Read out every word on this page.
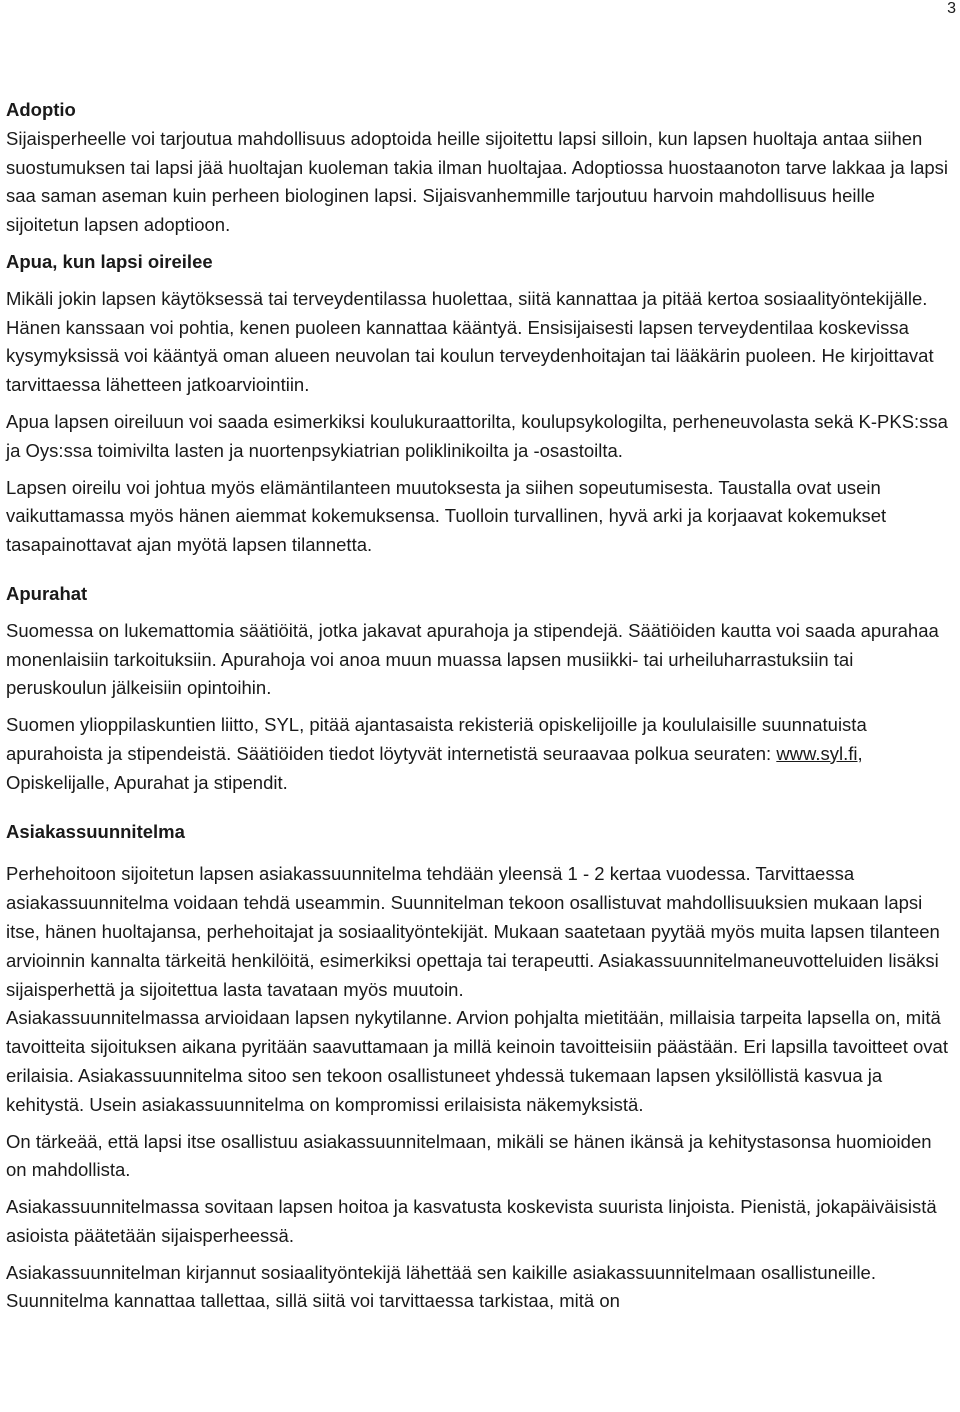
3
Adoptio

Sijaisperheelle voi tarjoutua mahdollisuus adoptoida heille sijoitettu lapsi silloin, kun lapsen huoltaja antaa siihen suostumuksen tai lapsi jää huoltajan kuoleman takia ilman huoltajaa. Adoptiossa huostaanoton tarve lakkaa ja lapsi saa saman aseman kuin perheen biologinen lapsi. Sijaisvanhemmille tarjoutuu harvoin mahdollisuus heille sijoitetun lapsen adoptioon.

Apua, kun lapsi oireilee

Mikäli jokin lapsen käytöksessä tai terveydentilassa huolettaa, siitä kannattaa ja pitää kertoa sosiaalityöntekijälle. Hänen kanssaan voi pohtia, kenen puoleen kannattaa kääntyä. Ensisijaisesti lapsen terveydentilaa koskevissa kysymyksissä voi kääntyä oman alueen neuvolan tai koulun terveydenhoitajan tai lääkärin puoleen. He kirjoittavat tarvittaessa lähetteen jatkoarviointiin.

Apua lapsen oireiluun voi saada esimerkiksi koulukuraattorilta, koulupsykologilta, perheneuvolasta sekä K-PKS:ssa ja Oys:ssa toimivilta lasten ja nuortenpsykiatrian poliklinikoilta ja -osastoilta.

Lapsen oireilu voi johtua myös elämäntilanteen muutoksesta ja siihen sopeutumisesta. Taustalla ovat usein vaikuttamassa myös hänen aiemmat kokemuksensa. Tuolloin turvallinen, hyvä arki ja korjaavat kokemukset tasapainottavat ajan myötä lapsen tilannetta.

Apurahat

Suomessa on lukemattomia säätiöitä, jotka jakavat apurahoja ja stipendejä. Säätiöiden kautta voi saada apurahaa monenlaisiin tarkoituksiin. Apurahoja voi anoa muun muassa lapsen musiikki- tai urheiluharrastuksiin tai peruskoulun jälkeisiin opintoihin.

Suomen ylioppilaskuntien liitto, SYL, pitää ajantasaista rekisteriä opiskelijoille ja koululaisille suunnatuista apurahoista ja stipendeistä. Säätiöiden tiedot löytyvät internetistä seuraavaa polkua seuraten: www.syl.fi, Opiskelijalle, Apurahat ja stipendit.

Asiakassuunnitelma

Perhehoitoon sijoitetun lapsen asiakassuunnitelma tehdään yleensä 1 - 2 kertaa vuodessa. Tarvittaessa asiakassuunnitelma voidaan tehdä useammin. Suunnitelman tekoon osallistuvat mahdollisuuksien mukaan lapsi itse, hänen huoltajansa, perhehoitajat ja sosiaalityöntekijät. Mukaan saatetaan pyytää myös muita lapsen tilanteen arvioinnin kannalta tärkeitä henkilöitä, esimerkiksi opettaja tai terapeutti. Asiakassuunnitelmaneuvotteluiden lisäksi sijaisperhettä ja sijoitettua lasta tavataan myös muutoin.

Asiakassuunnitelmassa arvioidaan lapsen nykytilanne. Arvion pohjalta mietitään, millaisia tarpeita lapsella on, mitä tavoitteita sijoituksen aikana pyritään saavuttamaan ja millä keinoin tavoitteisiin päästään. Eri lapsilla tavoitteet ovat erilaisia. Asiakassuunnitelma sitoo sen tekoon osallistuneet yhdessä tukemaan lapsen yksilöllistä kasvua ja kehitystä. Usein asiakassuunnitelma on kompromissi erilaisista näkemyksistä.

On tärkeää, että lapsi itse osallistuu asiakassuunnitelmaan, mikäli se hänen ikänsä ja kehitystasonsa huomioiden on mahdollista.

Asiakassuunnitelmassa sovitaan lapsen hoitoa ja kasvatusta koskevista suurista linjoista. Pienistä, jokapäiväisistä asioista päätetään sijaisperheessä.

Asiakassuunnitelman kirjannut sosiaalityöntekijä lähettää sen kaikille asiakassuunnitelmaan osallistuneille. Suunnitelma kannattaa tallettaa, sillä siitä voi tarvittaessa tarkistaa, mitä on
